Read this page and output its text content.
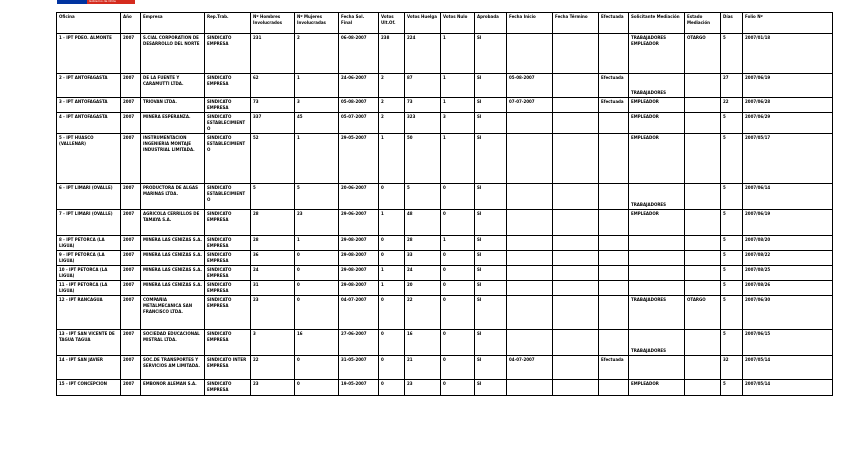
Gobierno de Chile
Oficina	Año	Empresa	Rep.Trab.	Nº Hombres Involucrados	Nº Mujeres Involucradas	Fecha Sol. Final	Votos Ult.Of.	Votos Huelga	Votos Nulo	Aprobada	Fecha Inicio	Fecha Término	Efectuada	Solicitante Mediación	Estado Mediación	Días	Folio Nº
1 - IPT PDEO. ALMONTE	2007	S.CIAL CORPORATION DE DESARROLLO DEL NORTE	SINDICATO EMPRESA	231	2	06-08-2007	238	224	1	SI				TRABAJADORES EMPLEADOR	OTARGO	5	2007/01/18
2 - IPT ANTOFAGASTA	2007	DE LA FUENTE Y CARAMUTTI LTDA.	SINDICATO EMPRESA	62	1	24-06-2007	2	87	1	SI	05-08-2007		Efectuada	TRABAJADORES		27	2007/06/19
3 - IPT ANTOFAGASTA	2007	TRIOVAN LTDA.	SINDICATO EMPRESA	73	3	05-08-2007	2	73	1	SI	07-07-2007		Efectuada	EMPLEADOR		22	2007/06/28
4 - IPT ANTOFAGASTA	2007	MINERA ESPERANZA.	SINDICATO ESTABLECIMIENTO	337	45	05-07-2007	2	323	3	SI				EMPLEADOR		5	2007/06/29
5 - IPT HUASCO (VALLENAR)	2007	INSTRUMENTACION INGENIERIA MONTAJE INDUSTRIAL LIMITADA.	SINDICATO ESTABLECIMIENTO	52	1	29-05-2007	1	50	1	SI				EMPLEADOR		5	2007/05/17
6 - IPT LIMARI (OVALLE)	2007	PRODUCTORA DE ALGAS MARINAS LTDA.	SINDICATO ESTABLECIMIENTO	5	5	20-06-2007	0	5	0	SI				TRABAJADORES		5	2007/06/14
7 - IPT LIMARI (OVALLE)	2007	AGRICOLA CERRILLOS DE TAMAYA S.A.	SINDICATO EMPRESA	28	23	29-06-2007	1	48	0	SI				EMPLEADOR		5	2007/06/19
8 - IPT PETORCA (LA LIGUA)	2007	MINERA LAS CENIZAS S.A.	SINDICATO EMPRESA	28	1	29-08-2007	0	28	1	SI						5	2007/08/20
9 - IPT PETORCA (LA LIGUA)	2007	MINERA LAS CENIZAS S.A.	SINDICATO EMPRESA	36	0	29-08-2007	0	33	0	SI						5	2007/08/22
10 - IPT PETORCA (LA LIGUA)	2007	MINERA LAS CENIZAS S.A.	SINDICATO EMPRESA	24	0	29-08-2007	1	24	0	SI						5	2007/08/25
11 - IPT PETORCA (LA LIGUA)	2007	MINERA LAS CENIZAS S.A.	SINDICATO EMPRESA	31	0	29-08-2007	1	20	0	SI						5	2007/08/26
12 - IPT RANCAGUA	2007	COMPAÑIA METALMECANICA SAN FRANCISCO LTDA.	SINDICATO EMPRESA	23	0	04-07-2007	0	22	0	SI				TRABAJADORES	OTARGO	5	2007/06/30
13 - IPT SAN VICENTE DE TAGUA TAGUA	2007	SOCIEDAD EDUCACIONAL MISTRAL LTDA.	SINDICATO EMPRESA	3	16	27-06-2007	0	16	0	SI				TRABAJADORES		5	2007/06/15
14 - IPT SAN JAVIER	2007	SOC.DE TRANSPORTES Y SERVICIOS AM LIMITADA.	SINDICATO INTER EMPRESA	22	0	31-05-2007	0	21	0	SI	04-07-2007		Efectuada			32	2007/05/14
15 - IPT CONCEPCION	2007	EMBONOR ALEMAN S.A.	SINDICATO EMPRESA	23	0	19-05-2007	0	23	0	SI				EMPLEADOR		5	2007/05/14
